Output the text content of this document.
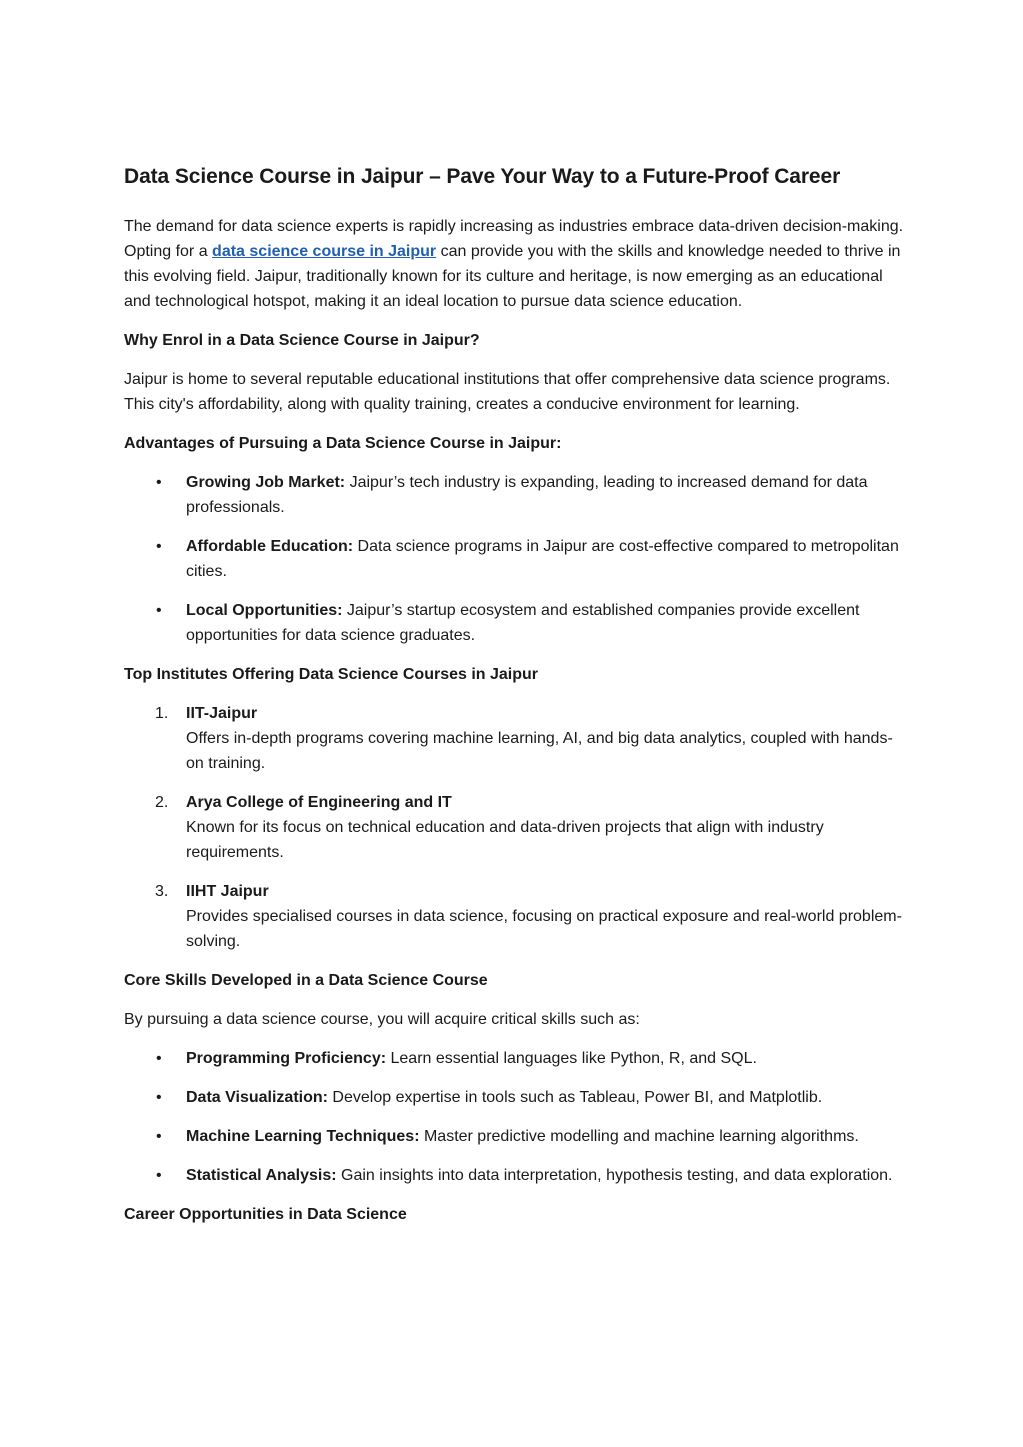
Data Science Course in Jaipur – Pave Your Way to a Future-Proof Career

The demand for data science experts is rapidly increasing as industries embrace data-driven decision-making. Opting for a data science course in Jaipur can provide you with the skills and knowledge needed to thrive in this evolving field. Jaipur, traditionally known for its culture and heritage, is now emerging as an educational and technological hotspot, making it an ideal location to pursue data science education.

Why Enrol in a Data Science Course in Jaipur?

Jaipur is home to several reputable educational institutions that offer comprehensive data science programs. This city's affordability, along with quality training, creates a conducive environment for learning.

Advantages of Pursuing a Data Science Course in Jaipur:
• Growing Job Market: Jaipur’s tech industry is expanding, leading to increased demand for data professionals.
• Affordable Education: Data science programs in Jaipur are cost-effective compared to metropolitan cities.
• Local Opportunities: Jaipur’s startup ecosystem and established companies provide excellent opportunities for data science graduates.
Top Institutes Offering Data Science Courses in Jaipur
1. IIT-Jaipur
Offers in-depth programs covering machine learning, AI, and big data analytics, coupled with hands-on training.
2. Arya College of Engineering and IT
Known for its focus on technical education and data-driven projects that align with industry requirements.
3. IIHT Jaipur
Provides specialised courses in data science, focusing on practical exposure and real-world problem-solving.
Core Skills Developed in a Data Science Course

By pursuing a data science course, you will acquire critical skills such as:

• Programming Proficiency: Learn essential languages like Python, R, and SQL.
• Data Visualization: Develop expertise in tools such as Tableau, Power BI, and Matplotlib.
• Machine Learning Techniques: Master predictive modelling and machine learning algorithms.
• Statistical Analysis: Gain insights into data interpretation, hypothesis testing, and data exploration.
Career Opportunities in Data Science
